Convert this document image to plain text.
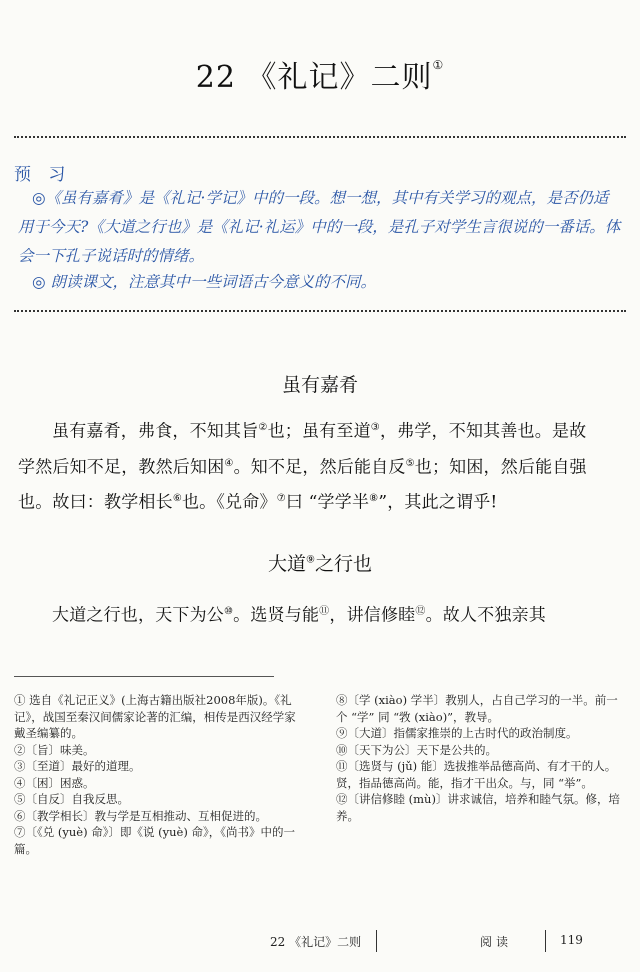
22 《礼记》二则①
预 习
◎《虽有嘉肴》是《礼记·学记》中的一段。想一想，其中有关学习的观点，是否仍适用于今天?《大道之行也》是《礼记·礼运》中的一段，是孔子对学生言很说的一番话。体会一下孔子说话时的情绪。
◎ 朗读课文，注意其中一些词语古今意义的不同。
虽有嘉肴
虽有嘉肴，弗食，不知其旨②也；虽有至道③，弗学，不知其善也。是故
学然后知不足，教然后知困④。知不足，然后能自反⑤也；知困，然后能自强
也。故曰：教学相长⑥也。《兑命》⑦曰 “学学半⑧”，其此之谓乎!
大道⑨之行也
大道之行也，天下为公⑩。选贤与能⑪，讲信修睦⑫。故人不独亲其
① 选自《礼记正义》(上海古籍出版社2008年版)。《礼记》，战国至秦汉间儒家论著的汇编，相传是西汉经学家戴圣编纂的。
②〔旨〕味美。
③〔至道〕最好的道理。
④〔困〕困惑。
⑤〔自反〕自我反思。
⑥〔教学相长〕教与学是互相推动、互相促进的。
⑦〔《兑 (yuè) 命》〕即《说 (yuè) 命》，《尚书》中的一篇。
⑧〔学 (xiào) 学半〕教别人，占自己学习的一半。前一个 “学” 同 “敩 (xiào)”，教导。
⑨〔大道〕指儒家推崇的上古时代的政治制度。
⑩〔天下为公〕天下是公共的。
⑪〔选贤与 (jǔ) 能〕选拔推举品德高尚、有才干的人。贤，指品德高尚。能，指才干出众。与，同 “举”。
⑫〔讲信修睦 (mù)〕讲求诚信，培养和睦气氛。修，培养。
22 《礼记》二则	阅读	119
